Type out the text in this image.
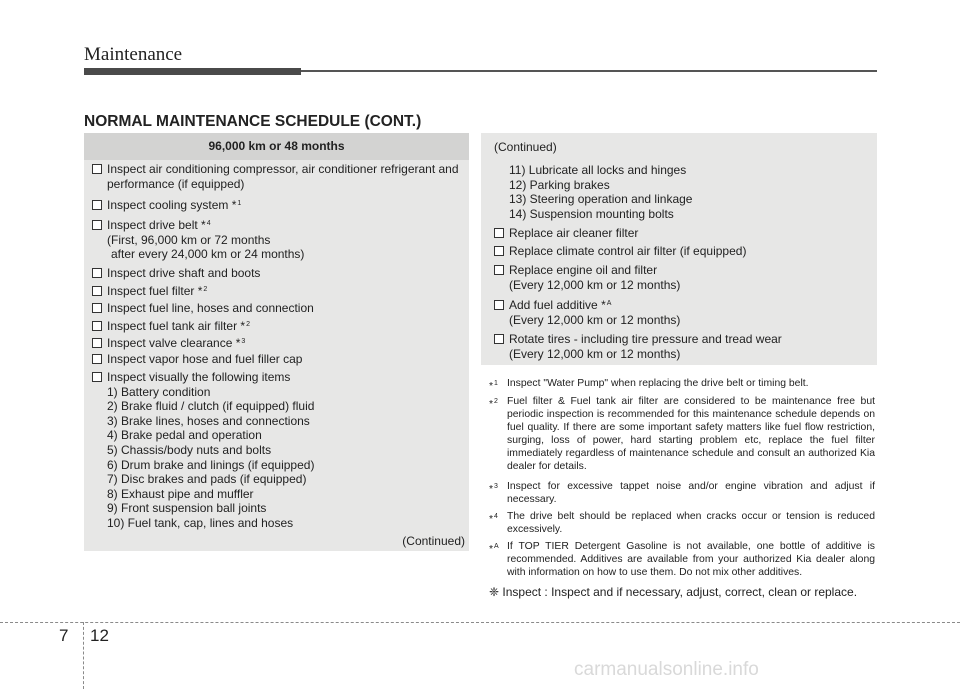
Maintenance
NORMAL MAINTENANCE SCHEDULE (CONT.)
96,000 km or 48 months
Inspect air conditioning compressor, air conditioner refrigerant and
performance (if equipped)
Inspect cooling system *$^1$
Inspect drive belt *$^4$
(First, 96,000 km or 72 months
after every 24,000 km or 24 months)
Inspect drive shaft and boots
Inspect fuel filter *$^2$
Inspect fuel line, hoses and connection
Inspect fuel tank air filter *$^2$
Inspect valve clearance *$^3$
Inspect vapor hose and fuel filler cap
Inspect visually the following items
1) Battery condition
2) Brake fluid / clutch (if equipped) fluid
3) Brake lines, hoses and connections
4) Brake pedal and operation
5) Chassis/body nuts and bolts
6) Drum brake and linings (if equipped)
7) Disc brakes and pads (if equipped)
8) Exhaust pipe and muffler
9) Front suspension ball joints
10) Fuel tank, cap, lines and hoses
(Continued)
(Continued)
11) Lubricate all locks and hinges
12) Parking brakes
13) Steering operation and linkage
14) Suspension mounting bolts
Replace air cleaner filter
Replace climate control air filter (if equipped)
Replace engine oil and filter
(Every 12,000 km or 12 months)
Add fuel additive *$^A$
(Every 12,000 km or 12 months)
Rotate tires - including tire pressure and tread wear
(Every 12,000 km or 12 months)
*$^1$ Inspect "Water Pump" when replacing the drive belt or timing belt.
*$^2$ Fuel filter & Fuel tank air filter are considered to be maintenance free but periodic inspection is recommended for this maintenance schedule depends on fuel quality. If there are some important safety matters like fuel flow restriction, surging, loss of power, hard starting problem etc, replace the fuel filter immediately regardless of maintenance schedule and consult an authorized Kia dealer for details.
*$^3$ Inspect for excessive tappet noise and/or engine vibration and adjust if necessary.
*$^4$ The drive belt should be replaced when cracks occur or tension is reduced excessively.
*$^A$ If TOP TIER Detergent Gasoline is not available, one bottle of additive is recommended. Additives are available from your authorized Kia dealer along with information on how to use them. Do not mix other additives.
❈ Inspect : Inspect and if necessary, adjust, correct, clean or replace.
7 12
carmanualsonline.info
